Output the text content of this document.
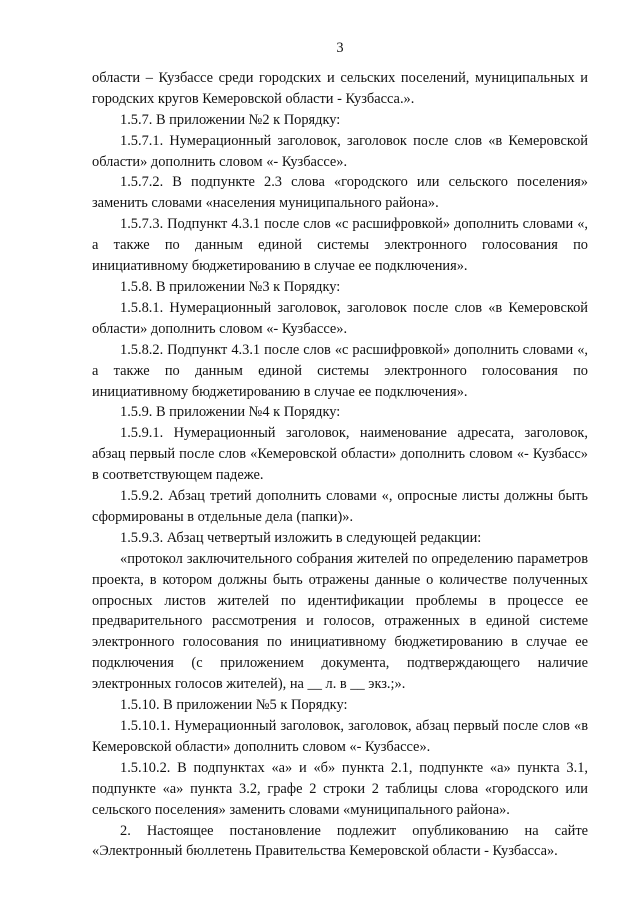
3

области – Кузбассе среди городских и сельских поселений, муниципальных и городских кругов Кемеровской области - Кузбасса.».

1.5.7. В приложении №2 к Порядку:

1.5.7.1. Нумерационный заголовок, заголовок после слов «в Кемеровской области» дополнить словом «- Кузбассе».

1.5.7.2. В подпункте 2.3 слова «городского или сельского поселения» заменить словами «населения муниципального района».

1.5.7.3. Подпункт 4.3.1 после слов «с расшифровкой» дополнить словами «, а также по данным единой системы электронного голосования по инициативному бюджетированию в случае ее подключения».

1.5.8. В приложении №3 к Порядку:

1.5.8.1. Нумерационный заголовок, заголовок после слов «в Кемеровской области» дополнить словом «- Кузбассе».

1.5.8.2. Подпункт 4.3.1 после слов «с расшифровкой» дополнить словами «, а также по данным единой системы электронного голосования по инициативному бюджетированию в случае ее подключения».

1.5.9. В приложении №4 к Порядку:

1.5.9.1. Нумерационный заголовок, наименование адресата, заголовок, абзац первый после слов «Кемеровской области» дополнить словом «- Кузбасс» в соответствующем падеже.

1.5.9.2. Абзац третий дополнить словами «, опросные листы должны быть сформированы в отдельные дела (папки)».

1.5.9.3. Абзац четвертый изложить в следующей редакции:

«протокол заключительного собрания жителей по определению параметров проекта, в котором должны быть отражены данные о количестве полученных опросных листов жителей по идентификации проблемы в процессе ее предварительного рассмотрения и голосов, отраженных в единой системе электронного голосования по инициативному бюджетированию в случае ее подключения (с приложением документа, подтверждающего наличие электронных голосов жителей), на __ л. в __ экз.;».

1.5.10. В приложении №5 к Порядку:

1.5.10.1. Нумерационный заголовок, заголовок, абзац первый после слов «в Кемеровской области» дополнить словом «- Кузбассе».

1.5.10.2. В подпунктах «а» и «б» пункта 2.1, подпункте «а» пункта 3.1, подпункте «а» пункта 3.2, графе 2 строки 2 таблицы слова «городского или сельского поселения» заменить словами «муниципального района».

2. Настоящее постановление подлежит опубликованию на сайте «Электронный бюллетень Правительства Кемеровской области - Кузбасса».
